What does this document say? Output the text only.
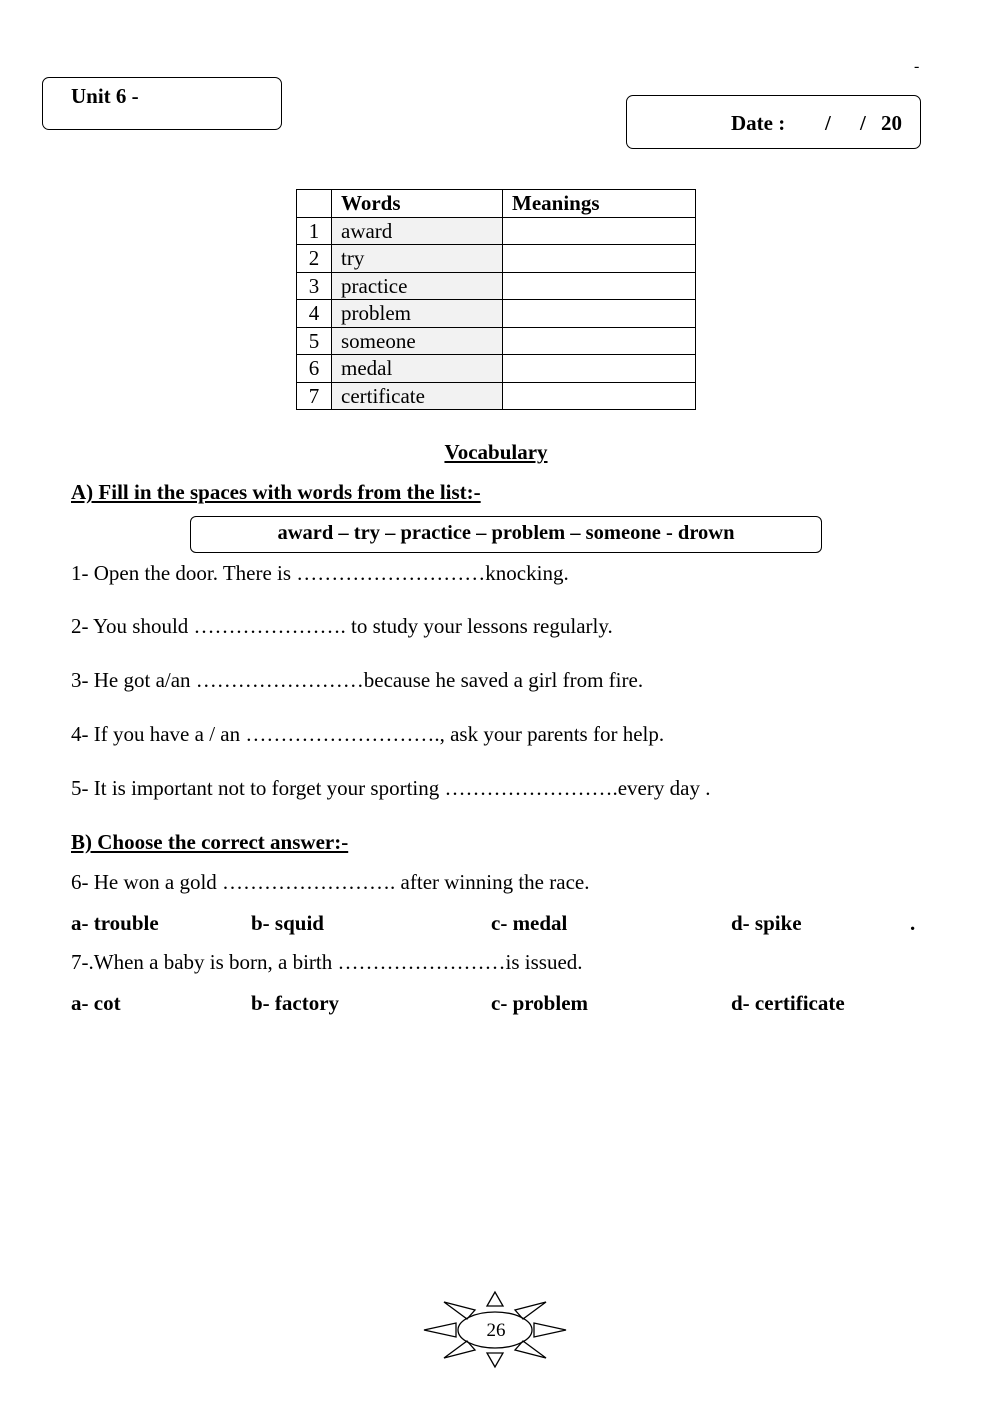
-
Unit 6 -
Date : / / 20
	Words	Meanings
1	award	
2	try	
3	practice	
4	problem	
5	someone	
6	medal	
7	certificate	
Vocabulary
A) Fill in the spaces with words from the list:-
award – try – practice – problem – someone - drown
1- Open the door. There is ………………………knocking.
2- You should …………………. to study your lessons regularly.
3- He got a/an ……………………because he saved a girl from fire.
4- If you have a / an ………………………., ask your parents for help.
5- It is important not to forget your sporting …………………….every day .
B) Choose the correct answer:-
6- He won a gold ……………………. after winning the race.
a- trouble	b- squid	c- medal	d- spike	.
7-.When a baby is born, a birth ……………………is issued.
a- cot	b- factory	c- problem	d- certificate
26
